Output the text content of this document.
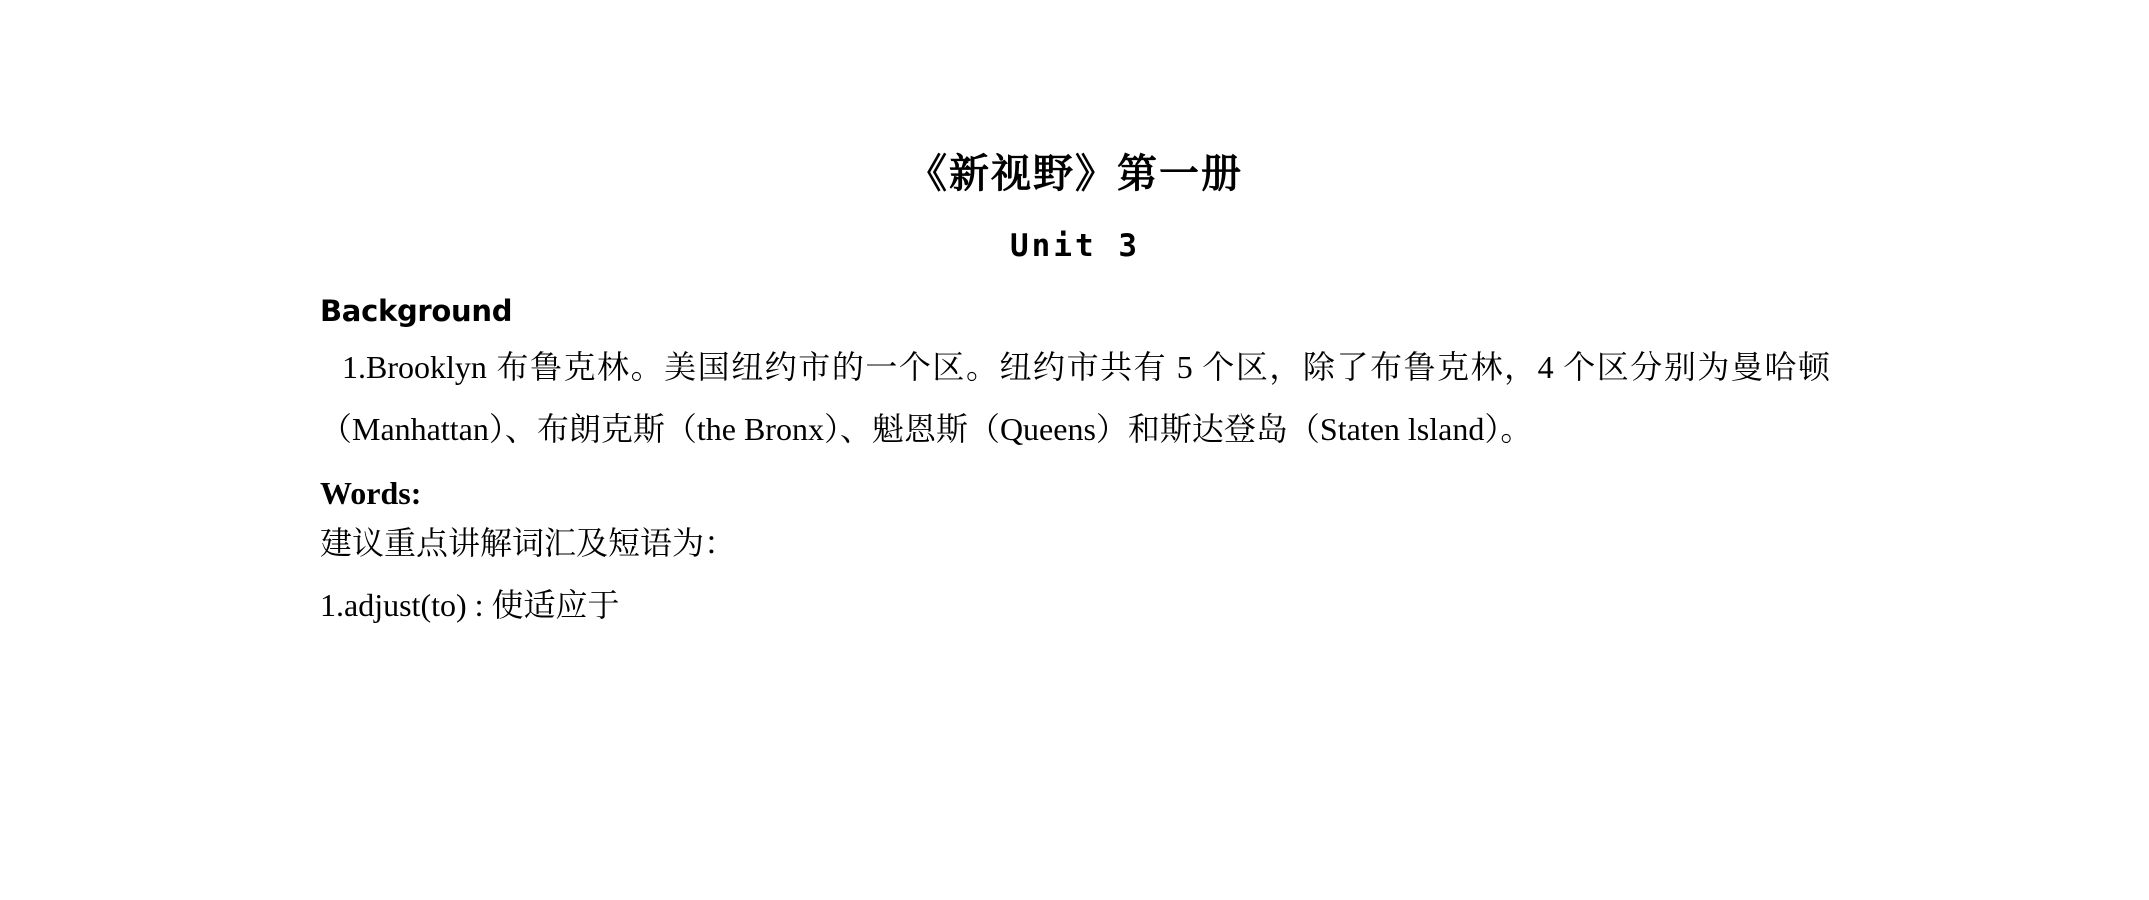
《新视野》第一册
Unit 3
Background
1.Brooklyn 布鲁克林。美国纽约市的一个区。纽约市共有 5 个区，除了布鲁克林，4 个区分别为曼哈顿（Manhattan）、布朗克斯（the Bronx）、魁恩斯（Queens）和斯达登岛（Staten lsland）。
Words:
建议重点讲解词汇及短语为：
1.adjust(to) : 使适应于
